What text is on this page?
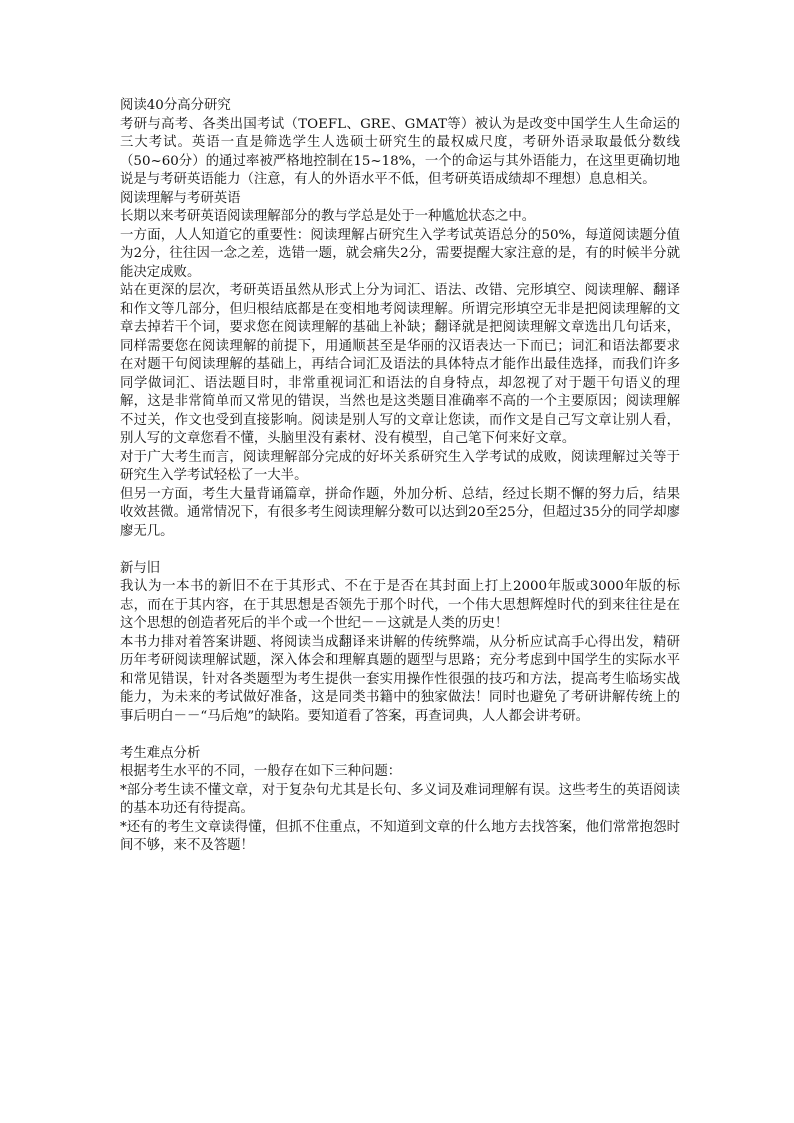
阅读40分高分研究

考研与高考、各类出国考试（TOEFL、GRE、GMAT等）被认为是改变中国学生人生命运的三大考试。英语一直是筛选学生人选硕士研究生的最权威尺度，考研外语录取最低分数线（50~60分）的通过率被严格地控制在15~18%，一个的命运与其外语能力，在这里更确切地说是与考研英语能力（注意，有人的外语水平不低，但考研英语成绩却不理想）息息相关。

阅读理解与考研英语

长期以来考研英语阅读理解部分的教与学总是处于一种尴尬状态之中。

一方面，人人知道它的重要性：阅读理解占研究生入学考试英语总分的50%，每道阅读题分值为2分，往往因一念之差，选错一题，就会痛失2分，需要提醒大家注意的是，有的时候半分就能决定成败。

站在更深的层次，考研英语虽然从形式上分为词汇、语法、改错、完形填空、阅读理解、翻译和作文等几部分，但归根结底都是在变相地考阅读理解。所谓完形填空无非是把阅读理解的文章去掉若干个词，要求您在阅读理解的基础上补缺；翻译就是把阅读理解文章选出几句话来，同样需要您在阅读理解的前提下，用通顺甚至是华丽的汉语表达一下而已；词汇和语法都要求在对题干句阅读理解的基础上，再结合词汇及语法的具体特点才能作出最佳选择，而我们许多同学做词汇、语法题目时，非常重视词汇和语法的自身特点，却忽视了对于题干句语义的理解，这是非常简单而又常见的错误，当然也是这类题目准确率不高的一个主要原因；阅读理解不过关，作文也受到直接影响。阅读是别人写的文章让您读，而作文是自己写文章让别人看，别人写的文章您看不懂，头脑里没有素材、没有模型，自己笔下何来好文章。

对于广大考生而言，阅读理解部分完成的好坏关系研究生入学考试的成败，阅读理解过关等于研究生入学考试轻松了一大半。

但另一方面，考生大量背诵篇章，拼命作题，外加分析、总结，经过长期不懈的努力后，结果收效甚微。通常情况下，有很多考生阅读理解分数可以达到20至25分，但超过35分的同学却廖廖无几。

新与旧

我认为一本书的新旧不在于其形式、不在于是否在其封面上打上2000年版或3000年版的标志，而在于其内容，在于其思想是否领先于那个时代，一个伟大思想辉煌时代的到来往往是在这个思想的创造者死后的半个或一个世纪－－这就是人类的历史！

本书力排对着答案讲题、将阅读当成翻译来讲解的传统弊端，从分析应试高手心得出发，精研历年考研阅读理解试题，深入体会和理解真题的题型与思路；充分考虑到中国学生的实际水平和常见错误，针对各类题型为考生提供一套实用操作性很强的技巧和方法，提高考生临场实战能力，为未来的考试做好准备，这是同类书籍中的独家做法！同时也避免了考研讲解传统上的事后明白－－“马后炮”的缺陷。要知道看了答案，再查词典，人人都会讲考研。

考生难点分析

根据考生水平的不同，一般存在如下三种问题：

*部分考生读不懂文章，对于复杂句尤其是长句、多义词及难词理解有误。这些考生的英语阅读的基本功还有待提高。

*还有的考生文章读得懂，但抓不住重点，不知道到文章的什么地方去找答案，他们常常抱怨时间不够，来不及答题！
